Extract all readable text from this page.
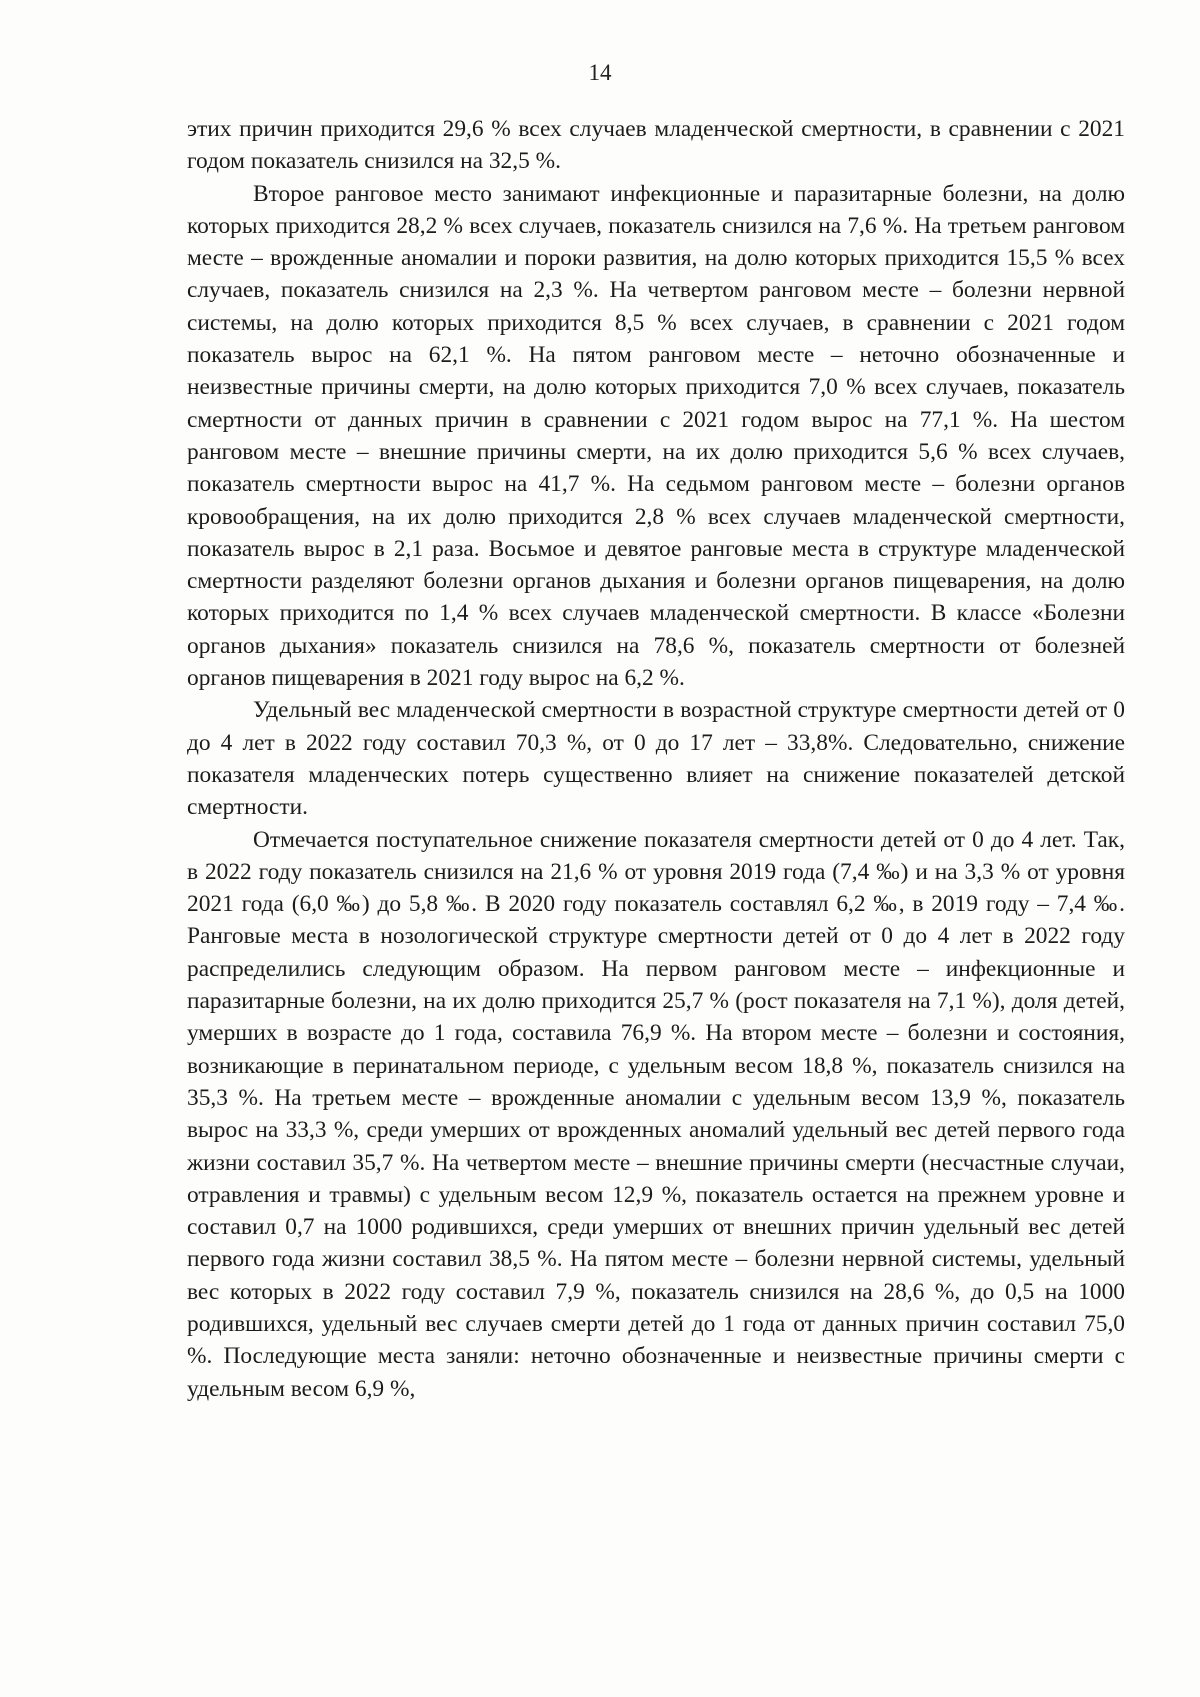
14

этих причин приходится 29,6 % всех случаев младенческой смертности, в сравнении с 2021 годом показатель снизился на 32,5 %.

Второе ранговое место занимают инфекционные и паразитарные болезни, на долю которых приходится 28,2 % всех случаев, показатель снизился на 7,6 %. На третьем ранговом месте – врожденные аномалии и пороки развития, на долю которых приходится 15,5 % всех случаев, показатель снизился на 2,3 %. На четвертом ранговом месте – болезни нервной системы, на долю которых приходится 8,5 % всех случаев, в сравнении с 2021 годом показатель вырос на 62,1 %. На пятом ранговом месте – неточно обозначенные и неизвестные причины смерти, на долю которых приходится 7,0 % всех случаев, показатель смертности от данных причин в сравнении с 2021 годом вырос на 77,1 %. На шестом ранговом месте – внешние причины смерти, на их долю приходится 5,6 % всех случаев, показатель смертности вырос на 41,7 %. На седьмом ранговом месте – болезни органов кровообращения, на их долю приходится 2,8 % всех случаев младенческой смертности, показатель вырос в 2,1 раза. Восьмое и девятое ранговые места в структуре младенческой смертности разделяют болезни органов дыхания и болезни органов пищеварения, на долю которых приходится по 1,4 % всех случаев младенческой смертности. В классе «Болезни органов дыхания» показатель снизился на 78,6 %, показатель смертности от болезней органов пищеварения в 2021 году вырос на 6,2 %.

Удельный вес младенческой смертности в возрастной структуре смертности детей от 0 до 4 лет в 2022 году составил 70,3 %, от 0 до 17 лет – 33,8%. Следовательно, снижение показателя младенческих потерь существенно влияет на снижение показателей детской смертности.

Отмечается поступательное снижение показателя смертности детей от 0 до 4 лет. Так, в 2022 году показатель снизился на 21,6 % от уровня 2019 года (7,4 ‰) и на 3,3 % от уровня 2021 года (6,0 ‰) до 5,8 ‰. В 2020 году показатель составлял 6,2 ‰, в 2019 году – 7,4 ‰. Ранговые места в нозологической структуре смертности детей от 0 до 4 лет в 2022 году распределились следующим образом. На первом ранговом месте – инфекционные и паразитарные болезни, на их долю приходится 25,7 % (рост показателя на 7,1 %), доля детей, умерших в возрасте до 1 года, составила 76,9 %. На втором месте – болезни и состояния, возникающие в перинатальном периоде, с удельным весом 18,8 %, показатель снизился на 35,3 %. На третьем месте – врожденные аномалии с удельным весом 13,9 %, показатель вырос на 33,3 %, среди умерших от врожденных аномалий удельный вес детей первого года жизни составил 35,7 %. На четвертом месте – внешние причины смерти (несчастные случаи, отравления и травмы) с удельным весом 12,9 %, показатель остается на прежнем уровне и составил 0,7 на 1000 родившихся, среди умерших от внешних причин удельный вес детей первого года жизни составил 38,5 %. На пятом месте – болезни нервной системы, удельный вес которых в 2022 году составил 7,9 %, показатель снизился на 28,6 %, до 0,5 на 1000 родившихся, удельный вес случаев смерти детей до 1 года от данных причин составил 75,0 %. Последующие места заняли: неточно обозначенные и неизвестные причины смерти с удельным весом 6,9 %,
